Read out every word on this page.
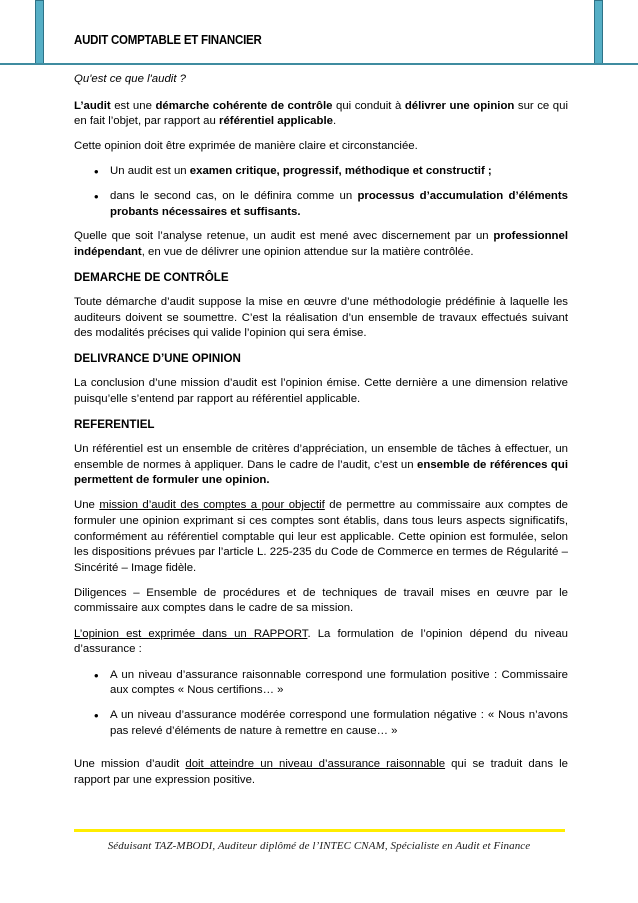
AUDIT COMPTABLE ET FINANCIER

Qu'est ce que l'audit ?

L’audit est une démarche cohérente de contrôle qui conduit à délivrer une opinion sur ce qui en fait l’objet, par rapport au référentiel applicable.

Cette opinion doit être exprimée de manière claire et circonstanciée.

• Un audit est un examen critique, progressif, méthodique et constructif ;
• dans le second cas, on le définira comme un processus d’accumulation d’éléments probants nécessaires et suffisants.

Quelle que soit l’analyse retenue, un audit est mené avec discernement par un professionnel indépendant, en vue de délivrer une opinion attendue sur la matière contrôlée.

DEMARCHE DE CONTRÔLE

Toute démarche d’audit suppose la mise en œuvre d’une méthodologie prédéfinie à laquelle les auditeurs doivent se soumettre. C’est la réalisation d’un ensemble de travaux effectués suivant des modalités précises qui valide l’opinion qui sera émise.

DELIVRANCE D’UNE OPINION

La conclusion d’une mission d’audit est l’opinion émise. Cette dernière a une dimension relative puisqu’elle s’entend par rapport au référentiel applicable.

REFERENTIEL

Un référentiel est un ensemble de critères d’appréciation, un ensemble de tâches à effectuer, un ensemble de normes à appliquer. Dans le cadre de l’audit, c’est un ensemble de références qui permettent de formuler une opinion.

Une mission d’audit des comptes a pour objectif de permettre au commissaire aux comptes de formuler une opinion exprimant si ces comptes sont établis, dans tous leurs aspects significatifs, conformément au référentiel comptable qui leur est applicable. Cette opinion est formulée, selon les dispositions prévues par l’article L. 225-235 du Code de Commerce en termes de Régularité – Sincérité – Image fidèle.

Diligences – Ensemble de procédures et de techniques de travail mises en œuvre par le commissaire aux comptes dans le cadre de sa mission.

L’opinion est exprimée dans un RAPPORT. La formulation de l’opinion dépend du niveau d’assurance :

• A un niveau d’assurance raisonnable correspond une formulation positive : Commissaire aux comptes « Nous certifions… »
• A un niveau d’assurance modérée correspond une formulation négative : « Nous n’avons pas relevé d’éléments de nature à remettre en cause… »

Une mission d’audit doit atteindre un niveau d’assurance raisonnable qui se traduit dans le rapport par une expression positive.

Séduisant TAZ-MBODI, Auditeur diplômé de l’INTEC CNAM, Spécialiste en Audit et Finance
